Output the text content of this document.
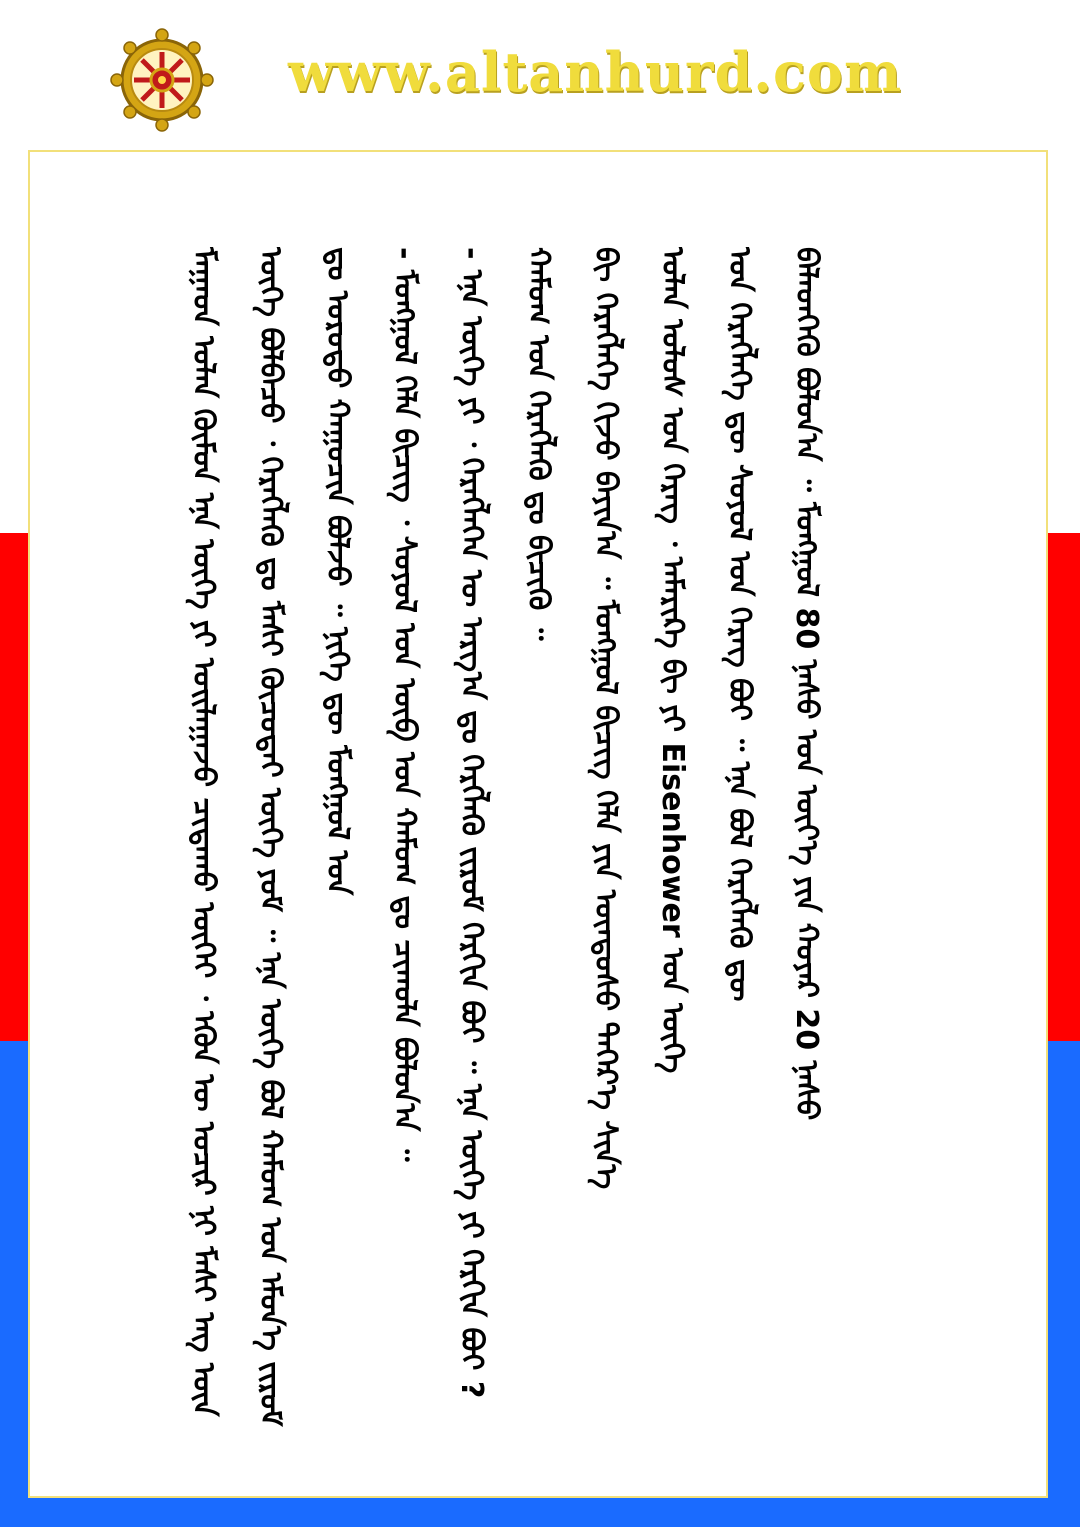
www.altanhurd.com

ᠮᠠᠭᠠᠳ ᠣᠯᠠᠨ ᠬᠦᠮᠦᠨ ᠡᠨᠡ ᠦᠭᠡ ᠶᠢ ᠤᠢᠯᠠᠭᠠᠵᠤ ᠴᠢᠳᠠᠬᠤ ᠦᠭᠡᠢ ᠂ ᠡᠭᠦᠨ ᠦ ᠤᠴᠢᠷ ᠨᠢ ᠮᠠᠰᠢ ᠡᠩ ᠦᠨ ᠦᠭᠡ ᠪᠣᠯᠪᠠᠴᠤ ᠂ ᠬᠡᠷᠡᠭᠯᠡᠬᠦ ᠳᠤ ᠮᠠᠰᠢ ᠬᠦᠴᠦᠲᠡᠢ ᠦᠭᠡ ᠶᠤᠮ ᠃ ᠡᠨᠡ ᠦᠭᠡ ᠪᠣᠯ ᠬᠠᠮᠤᠭ ᠤᠨ ᠡᠮᠦᠨ᠎ᠡ ᠵᠢᠷᠤᠮ ᠳᠤ ᠤᠷᠤᠳᠤ ᠬᠠᠭᠤᠴᠢᠨ ᠪᠤᠯᠵᠤ ᠃ ᠨᠢᠭᠡ ᠳᠦ ᠮᠣᠩᠭᠣᠯ ᠤᠨ	- ᠮᠣᠩᠭᠣᠯ ᠬᠡᠯᠡ ᠪᠢᠴᠢᠭ ᠂ ᠰᠣᠶᠣᠯ ᠤᠨ ᠦᠪ ᠤᠨ ᠬᠠᠮᠤᠭ ᠳᠤ ᠴᠢᠬᠤᠯᠠ ᠪᠣᠯᠤᠨ᠎ᠠ ᠃	- ᠡᠨᠡ ᠦᠭᠡ ᠶᠢ ᠂ ᠬᠡᠷᠡᠭᠯᠡᠭᠡᠨ ᠦ ᠠᠷᠭ᠎ᠠ ᠳᠤ ᠬᠡᠷᠭᠯᠡᠬᠦ ᠵᠢᠷᠤᠮ ᠬᠡᠷᠬᠢᠨ ᠪᠣᠢ ᠃ ᠡᠨᠡ ᠦᠭᠡ ᠶᠢ ᠬᠡᠷᠬᠢᠨ ᠪᠣᠢ ?	ᠬᠠᠮᠤᠭ ᠤᠨ ᠬᠡᠷᠡᠭᠯᠡᠬᠦ ᠳᠤ ᠪᠢᠴᠢᠬᠦ ᠃	ᠪᠢ ᠬᠡᠷᠡᠭᠯᠡᠭᠡ ᠬᠢᠵᠤ ᠪᠠᠶᠢᠨ᠎ᠠ ᠃ ᠮᠣᠩᠭᠣᠯ ᠪᠢᠴᠢᠭ ᠬᠡᠯᠡ ᠶᠢᠨ ᠦᠨᠳᠦᠰᠦ ᠳᠡᠭᠡᠷ᠎ᠡ ᠰᠢᠨ᠎ᠡ	ᠣᠯᠠᠨ ᠤᠯᠤᠰ ᠤᠨ ᠬᠡᠷᠡᠭ ᠂ ᠠᠮᠡᠷᠢᠺᠠ ᠪᠢ ᠶᠢ Eisenhower ᠤᠨ ᠦᠭᠡ	ᠤᠨ ᠬᠡᠷᠡᠭᠯᠡᠭᠡ ᠳᠦ ᠰᠣᠶᠣᠯ ᠤᠨ ᠬᠡᠷᠡᠭ ᠪᠣᠢ ᠃ ᠡᠨᠡ ᠪᠣᠯ ᠬᠡᠷᠡᠭᠯᠡᠬᠦ ᠳᠦ	ᠪᠡᠯᠡᠳᠭᠡᠬᠦ ᠪᠣᠯᠤᠨ᠎ᠠ ᠃ ᠮᠣᠩᠭᠣᠯ 80 ᠨᠠᠰᠤ ᠤᠨ ᠦᠶ᠎ᠡ ᠶᠢᠨ ᠬᠣᠶᠠᠷ 20 ᠨᠠᠰᠤ

微信号: altanhurd01
